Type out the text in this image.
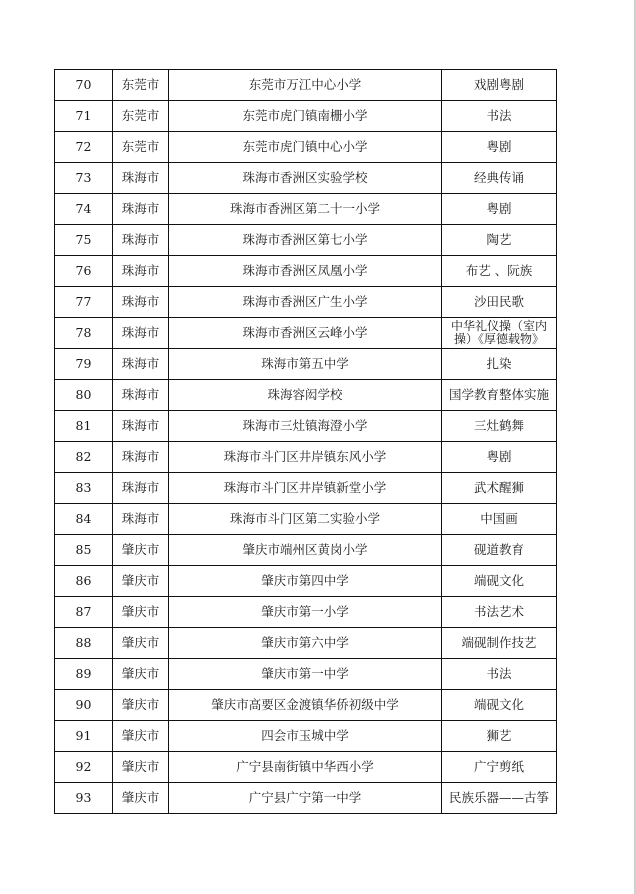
70	东莞市	东莞市万江中心小学	戏剧粤剧
71	东莞市	东莞市虎门镇南栅小学	书法
72	东莞市	东莞市虎门镇中心小学	粤剧
73	珠海市	珠海市香洲区实验学校	经典传诵
74	珠海市	珠海市香洲区第二十一小学	粤剧
75	珠海市	珠海市香洲区第七小学	陶艺
76	珠海市	珠海市香洲区凤凰小学	布艺 、阮族
77	珠海市	珠海市香洲区广生小学	沙田民歌
78	珠海市	珠海市香洲区云峰小学	中华礼仪操（室内操）《厚德载物》
79	珠海市	珠海市第五中学	扎染
80	珠海市	珠海容闳学校	国学教育整体实施
81	珠海市	珠海市三灶镇海澄小学	三灶鹤舞
82	珠海市	珠海市斗门区井岸镇东风小学	粤剧
83	珠海市	珠海市斗门区井岸镇新堂小学	武术醒狮
84	珠海市	珠海市斗门区第二实验小学	中国画
85	肇庆市	肇庆市端州区黄岗小学	砚道教育
86	肇庆市	肇庆市第四中学	端砚文化
87	肇庆市	肇庆市第一小学	书法艺术
88	肇庆市	肇庆市第六中学	端砚制作技艺
89	肇庆市	肇庆市第一中学	书法
90	肇庆市	肇庆市高要区金渡镇华侨初级中学	端砚文化
91	肇庆市	四会市玉城中学	狮艺
92	肇庆市	广宁县南街镇中华西小学	广宁剪纸
93	肇庆市	广宁县广宁第一中学	民族乐器——古筝
